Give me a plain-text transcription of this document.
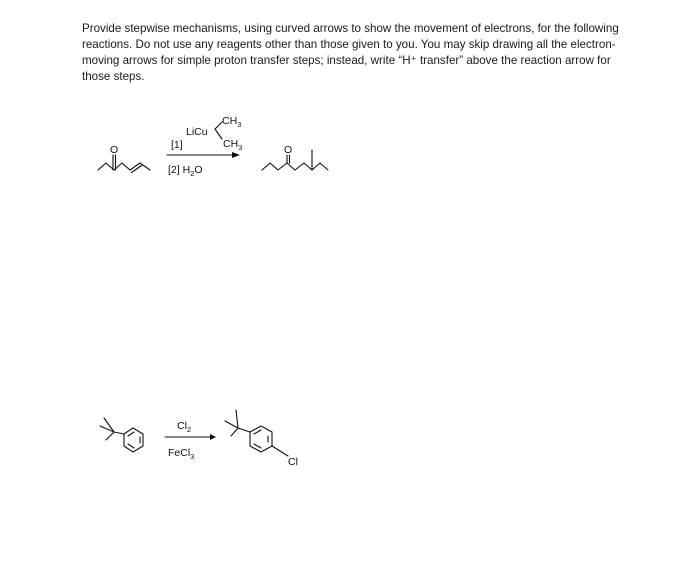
Provide stepwise mechanisms, using curved arrows to show the movement of electrons, for the following reactions. Do not use any reagents other than those given to you. You may skip drawing all the electron-moving arrows for simple proton transfer steps; instead, write “H⁺ transfer” above the reaction arrow for those steps.

O	[1]
LiCu
$CH_3$
$CH_3$
[2] $H_2O$
O
$Cl_2$
FeCl$_3$	Cl
